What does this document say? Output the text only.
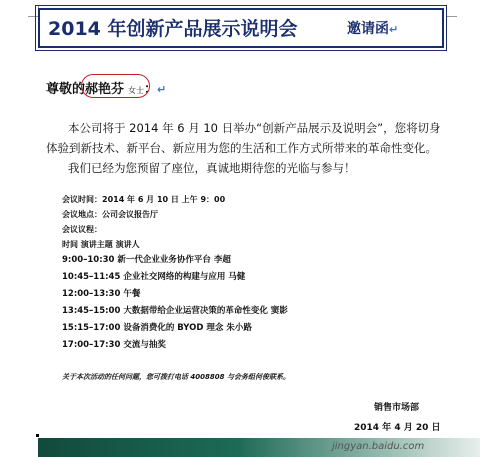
2014 年创新产品展示说明会	邀请函↵
尊敬的郝艳芬 女士：↵
本公司将于 2014 年 6 月 10 日举办“创新产品展示及说明会”，您将切身体验到新技术、新平台、新应用为您的生活和工作方式所带来的革命性变化。
我们已经为您预留了座位，真诚地期待您的光临与参与！
会议时间：2014 年 6 月 10 日 上午 9：00
会议地点：公司会议报告厅
会议议程：
时间 演讲主题 演讲人
9:00–10:30 新一代企业业务协作平台 李超
10:45–11:45 企业社交网络的构建与应用 马健
12:00–13:30 午餐
13:45–15:00 大数据带给企业运营决策的革命性变化 窦影
15:15–17:00 设备消费化的 BYOD 理念 朱小路
17:00–17:30 交流与抽奖
关于本次活动的任何问题，您可拨打电话 4008808 与会务组何俊联系。
销售市场部
2014 年 4 月 20 日
jingyan.baidu.com
